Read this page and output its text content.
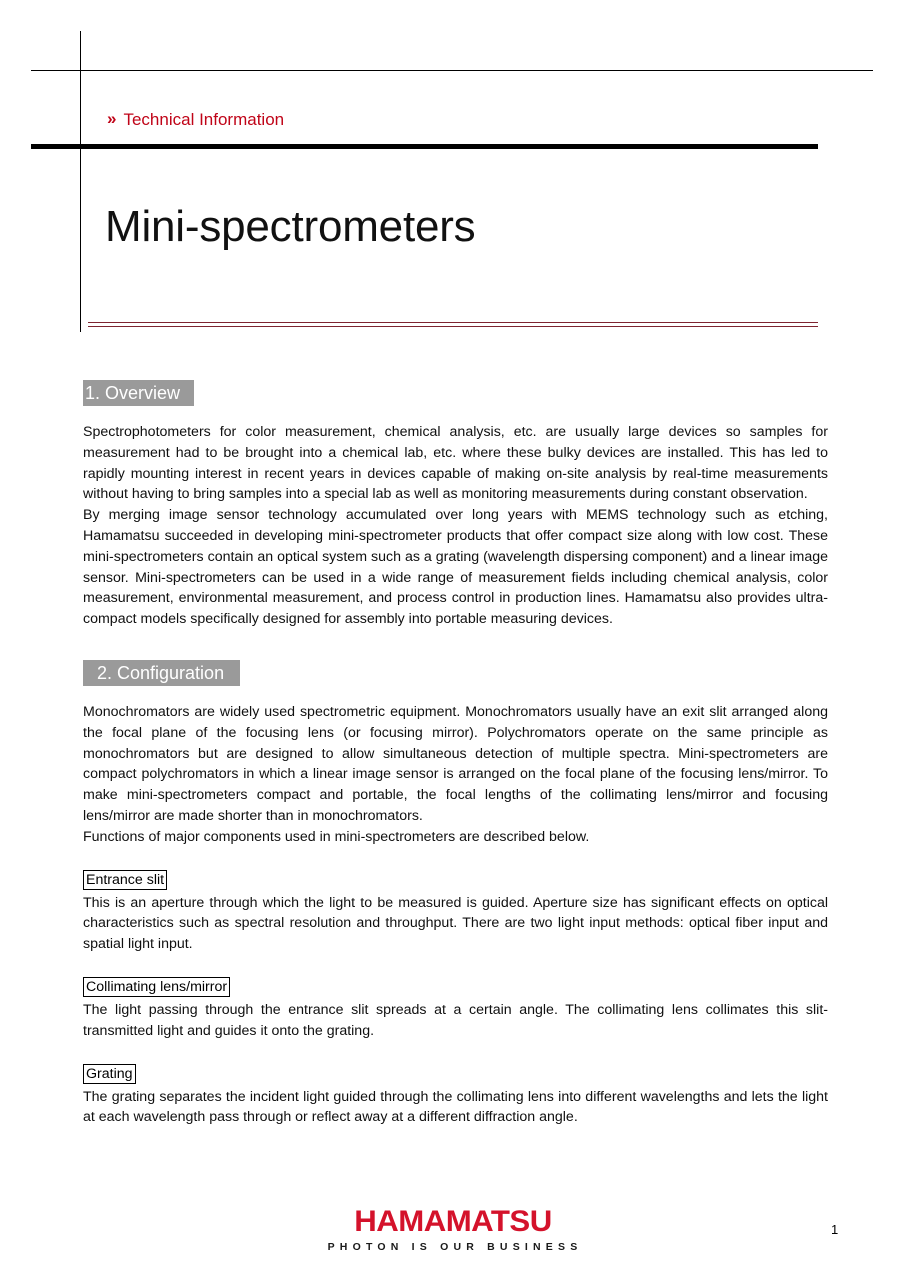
» Technical Information
Mini-spectrometers
1. Overview

Spectrophotometers for color measurement, chemical analysis, etc. are usually large devices so samples for measurement had to be brought into a chemical lab, etc. where these bulky devices are installed. This has led to rapidly mounting interest in recent years in devices capable of making on-site analysis by real-time measurements without having to bring samples into a special lab as well as monitoring measurements during constant observation.

By merging image sensor technology accumulated over long years with MEMS technology such as etching, Hamamatsu succeeded in developing mini-spectrometer products that offer compact size along with low cost. These mini-spectrometers contain an optical system such as a grating (wavelength dispersing component) and a linear image sensor. Mini-spectrometers can be used in a wide range of measurement fields including chemical analysis, color measurement, environmental measurement, and process control in production lines. Hamamatsu also provides ultra-compact models specifically designed for assembly into portable measuring devices.

2. Configuration

Monochromators are widely used spectrometric equipment. Monochromators usually have an exit slit arranged along the focal plane of the focusing lens (or focusing mirror). Polychromators operate on the same principle as monochromators but are designed to allow simultaneous detection of multiple spectra. Mini-spectrometers are compact polychromators in which a linear image sensor is arranged on the focal plane of the focusing lens/mirror. To make mini-spectrometers compact and portable, the focal lengths of the collimating lens/mirror and focusing lens/mirror are made shorter than in monochromators.

Functions of major components used in mini-spectrometers are described below.

Entrance slit

This is an aperture through which the light to be measured is guided. Aperture size has significant effects on optical characteristics such as spectral resolution and throughput. There are two light input methods: optical fiber input and spatial light input.

Collimating lens/mirror

The light passing through the entrance slit spreads at a certain angle. The collimating lens collimates this slit-transmitted light and guides it onto the grating.

Grating

The grating separates the incident light guided through the collimating lens into different wavelengths and lets the light at each wavelength pass through or reflect away at a different diffraction angle.

HAMAMATSU
PHOTON IS OUR BUSINESS
1
